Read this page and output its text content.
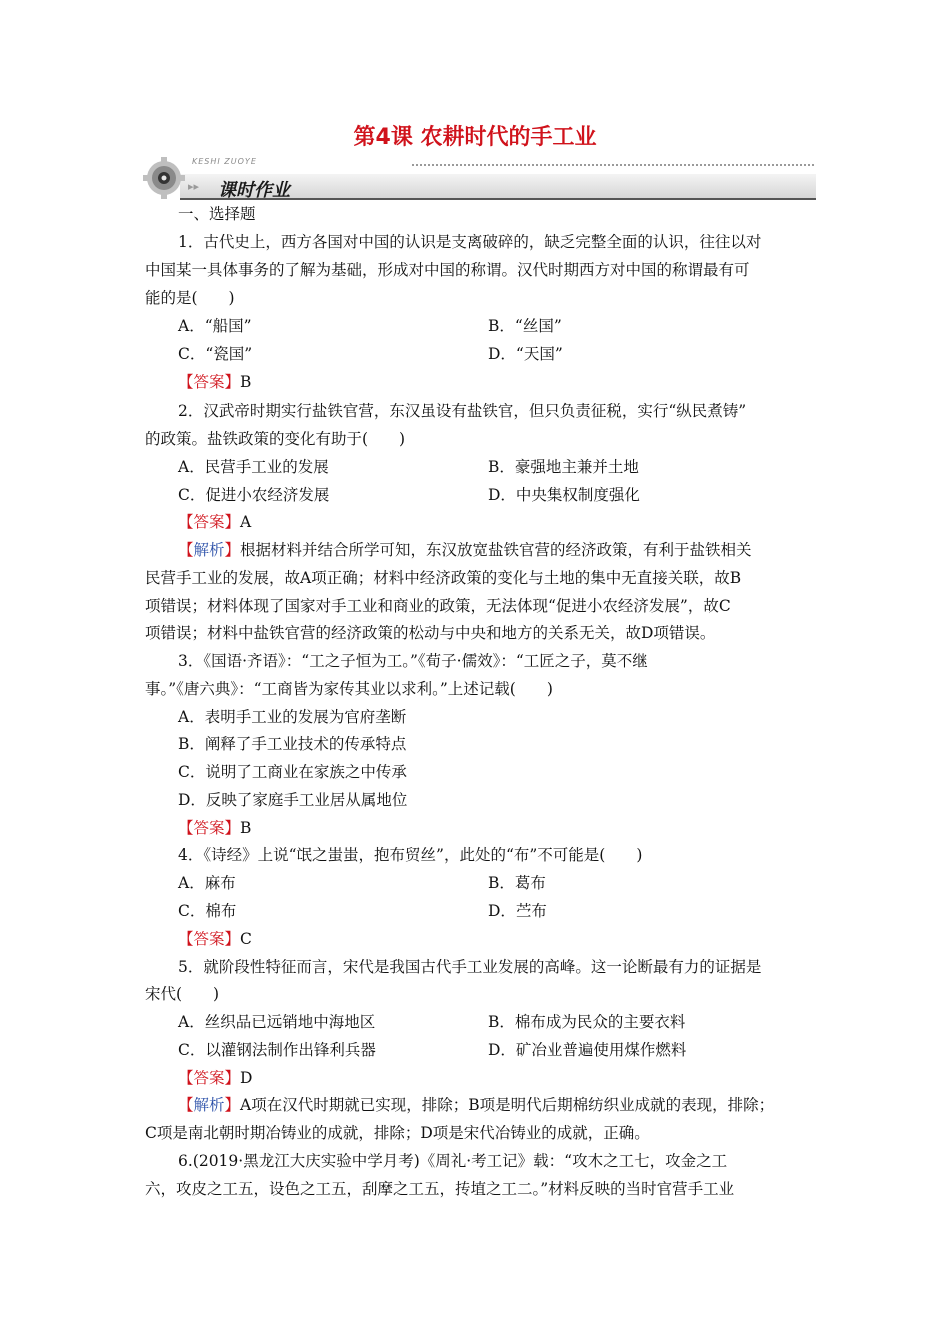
第4课 农耕时代的手工业
KESHI ZUOYE
▸▸ 课时作业
一、选择题
1．古代史上，西方各国对中国的认识是支离破碎的，缺乏完整全面的认识，往往以对
中国某一具体事务的了解为基础，形成对中国的称谓。汉代时期西方对中国的称谓最有可
能的是(　　)
A．“船国”	B．“丝国”
C．“瓷国”	D．“天国”
【答案】B
2．汉武帝时期实行盐铁官营，东汉虽设有盐铁官，但只负责征税，实行“纵民煮铸”
的政策。盐铁政策的变化有助于(　　)
A．民营手工业的发展	B．豪强地主兼并土地
C．促进小农经济发展	D．中央集权制度强化
【答案】A
【解析】根据材料并结合所学可知，东汉放宽盐铁官营的经济政策，有利于盐铁相关
民营手工业的发展，故A项正确；材料中经济政策的变化与土地的集中无直接关联，故B
项错误；材料体现了国家对手工业和商业的政策，无法体现“促进小农经济发展”，故C
项错误；材料中盐铁官营的经济政策的松动与中央和地方的关系无关，故D项错误。
3．《国语·齐语》：“工之子恒为工。”《荀子·儒效》：“工匠之子，莫不继
事。”《唐六典》：“工商皆为家传其业以求利。”上述记载(　　)
A．表明手工业的发展为官府垄断
B．阐释了手工业技术的传承特点
C．说明了工商业在家族之中传承
D．反映了家庭手工业居从属地位
【答案】B
4．《诗经》上说“氓之蚩蚩，抱布贸丝”，此处的“布”不可能是(　　)
A．麻布	B．葛布
C．棉布	D．苎布
【答案】C
5．就阶段性特征而言，宋代是我国古代手工业发展的高峰。这一论断最有力的证据是
宋代(　　)
A．丝织品已远销地中海地区	B．棉布成为民众的主要衣料
C．以灌钢法制作出锋利兵器	D．矿冶业普遍使用煤作燃料
【答案】D
【解析】A项在汉代时期就已实现，排除；B项是明代后期棉纺织业成就的表现，排除；
C项是南北朝时期冶铸业的成就，排除；D项是宋代冶铸业的成就，正确。
6.(2019·黑龙江大庆实验中学月考)《周礼·考工记》载：“攻木之工七，攻金之工
六，攻皮之工五，设色之工五，刮摩之工五，抟埴之工二。”材料反映的当时官营手工业
